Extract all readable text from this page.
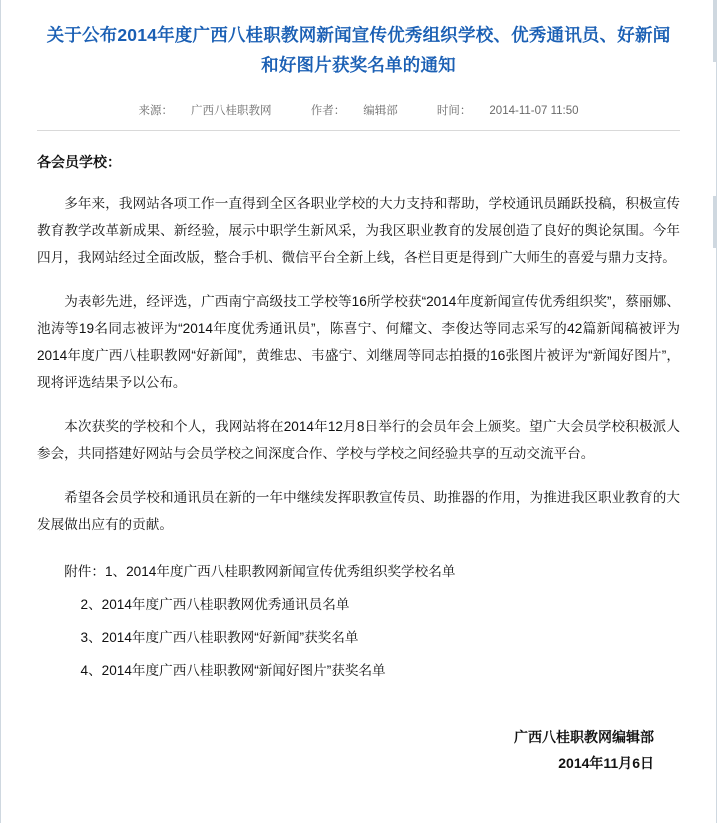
关于公布2014年度广西八桂职教网新闻宣传优秀组织学校、优秀通讯员、好新闻和好图片获奖名单的通知
来源： 广西八桂职教网	作者： 编辑部	时间： 2014-11-07 11:50

各会员学校：

多年来，我网站各项工作一直得到全区各职业学校的大力支持和帮助，学校通讯员踊跃投稿，积极宣传教育教学改革新成果、新经验，展示中职学生新风采，为我区职业教育的发展创造了良好的舆论氛围。今年四月，我网站经过全面改版，整合手机、微信平台全新上线，各栏目更是得到广大师生的喜爱与鼎力支持。

为表彰先进，经评选，广西南宁高级技工学校等16所学校获“2014年度新闻宣传优秀组织奖”，蔡丽娜、池涛等19名同志被评为“2014年度优秀通讯员”，陈喜宁、何耀文、李俊达等同志采写的42篇新闻稿被评为2014年度广西八桂职教网“好新闻”，黄维忠、韦盛宁、刘继周等同志拍摄的16张图片被评为“新闻好图片”，现将评选结果予以公布。

本次获奖的学校和个人，我网站将在2014年12月8日举行的会员年会上颁奖。望广大会员学校积极派人参会，共同搭建好网站与会员学校之间深度合作、学校与学校之间经验共享的互动交流平台。

希望各会员学校和通讯员在新的一年中继续发挥职教宣传员、助推器的作用，为推进我区职业教育的大发展做出应有的贡献。

附件：1、2014年度广西八桂职教网新闻宣传优秀组织奖学校名单

2、2014年度广西八桂职教网优秀通讯员名单

3、2014年度广西八桂职教网“好新闻”获奖名单

4、2014年度广西八桂职教网“新闻好图片”获奖名单

广西八桂职教网编辑部
2014年11月6日
